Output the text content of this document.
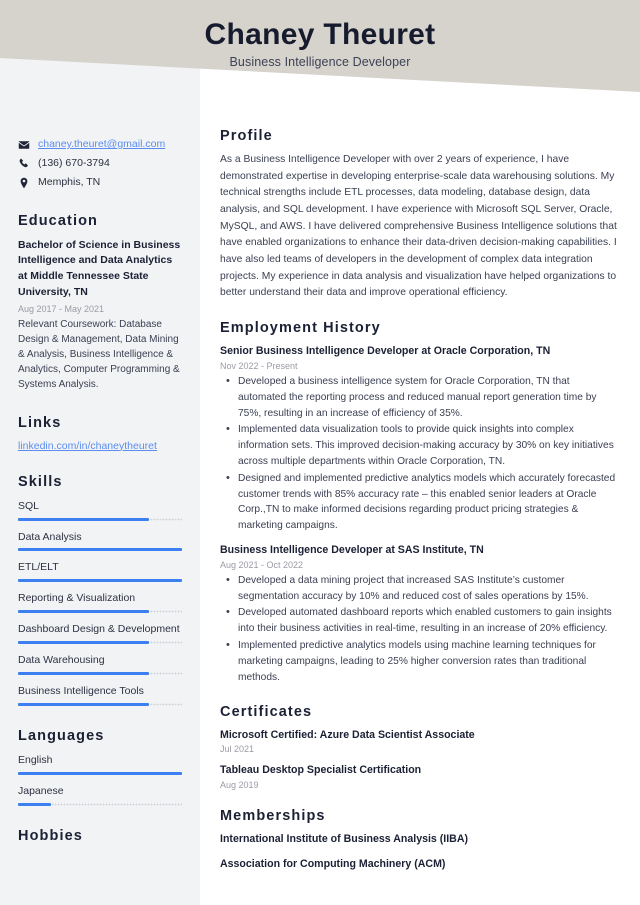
Chaney Theuret
Business Intelligence Developer
chaney.theuret@gmail.com
(136) 670-3794
Memphis, TN
Education
Bachelor of Science in Business Intelligence and Data Analytics at Middle Tennessee State University, TN
Aug 2017 - May 2021
Relevant Coursework: Database Design & Management, Data Mining & Analysis, Business Intelligence & Analytics, Computer Programming & Systems Analysis.
Links
linkedin.com/in/chaneytheuret
Skills
SQL
Data Analysis
ETL/ELT
Reporting & Visualization
Dashboard Design & Development
Data Warehousing
Business Intelligence Tools
Languages
English
Japanese
Hobbies
Profile
As a Business Intelligence Developer with over 2 years of experience, I have demonstrated expertise in developing enterprise-scale data warehousing solutions. My technical strengths include ETL processes, data modeling, database design, data analysis, and SQL development. I have experience with Microsoft SQL Server, Oracle, MySQL, and AWS. I have delivered comprehensive Business Intelligence solutions that have enabled organizations to enhance their data-driven decision-making capabilities. I have also led teams of developers in the development of complex data integration projects. My experience in data analysis and visualization have helped organizations to better understand their data and improve operational efficiency.
Employment History
Senior Business Intelligence Developer at Oracle Corporation, TN
Nov 2022 - Present
• Developed a business intelligence system for Oracle Corporation, TN that automated the reporting process and reduced manual report generation time by 75%, resulting in an increase of efficiency of 35%.
• Implemented data visualization tools to provide quick insights into complex information sets. This improved decision-making accuracy by 30% on key initiatives across multiple departments within Oracle Corporation, TN.
• Designed and implemented predictive analytics models which accurately forecasted customer trends with 85% accuracy rate – this enabled senior leaders at Oracle Corp.,TN to make informed decisions regarding product pricing strategies & marketing campaigns.
Business Intelligence Developer at SAS Institute, TN
Aug 2021 - Oct 2022
• Developed a data mining project that increased SAS Institute’s customer segmentation accuracy by 10% and reduced cost of sales operations by 15%.
• Developed automated dashboard reports which enabled customers to gain insights into their business activities in real-time, resulting in an increase of 20% efficiency.
• Implemented predictive analytics models using machine learning techniques for marketing campaigns, leading to 25% higher conversion rates than traditional methods.
Certificates
Microsoft Certified: Azure Data Scientist Associate
Jul 2021
Tableau Desktop Specialist Certification
Aug 2019
Memberships
International Institute of Business Analysis (IIBA)
Association for Computing Machinery (ACM)
